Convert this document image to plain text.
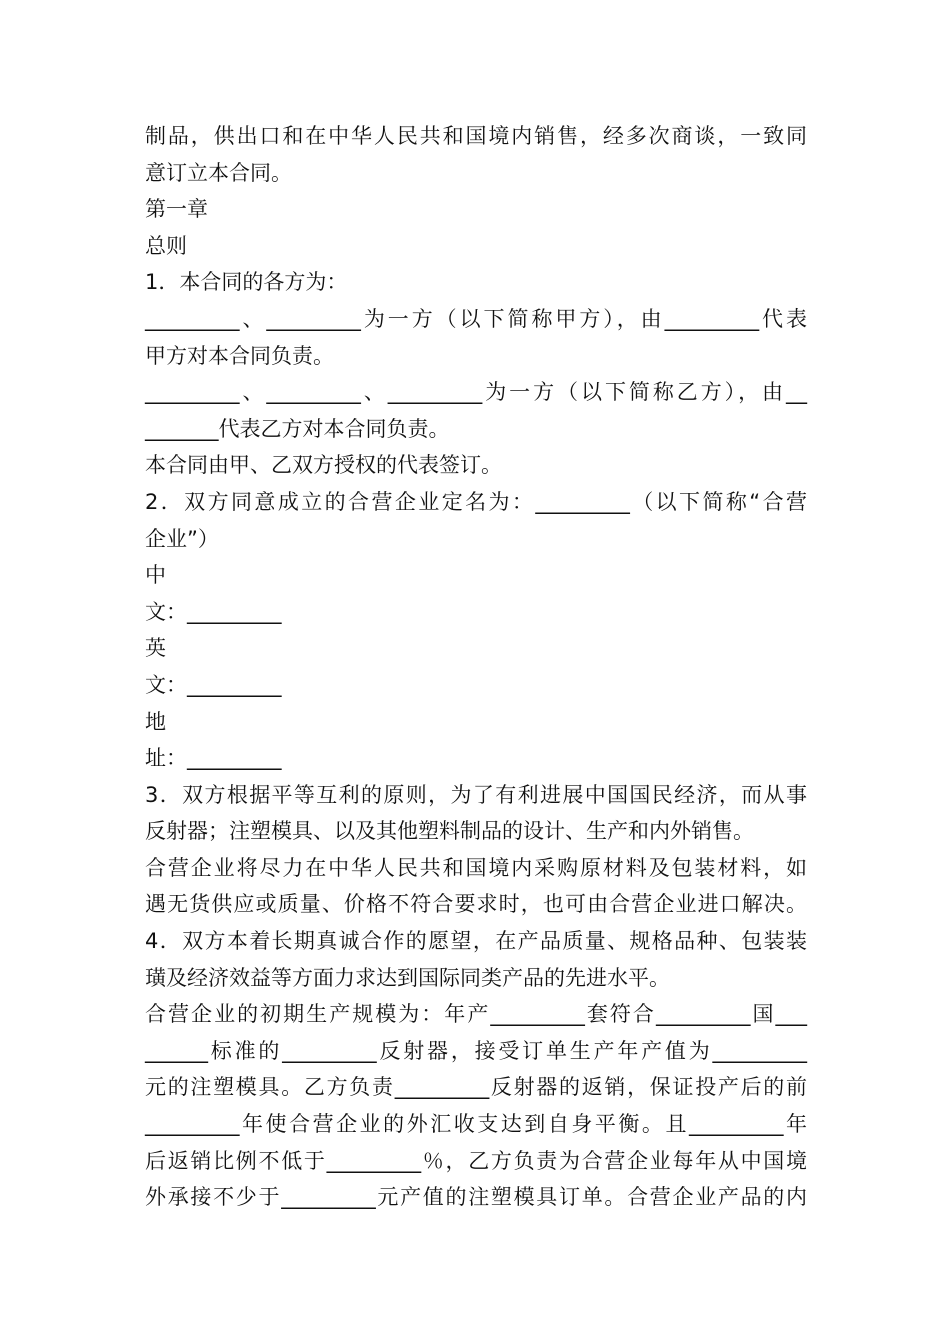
制品，供出口和在中华人民共和国境内销售，经多次商谈，一致同
意订立本合同。
第一章
总则
1．本合同的各方为：
_________、_________为一方（以下简称甲方），由_________代表
甲方对本合同负责。
_________、_________、_________为一方（以下简称乙方），由__
_______代表乙方对本合同负责。
本合同由甲、乙双方授权的代表签订。
2．双方同意成立的合营企业定名为：_________（以下简称“合营
企业”）
中
文：_________
英
文：_________
地
址：_________
3．双方根据平等互利的原则，为了有利进展中国国民经济，而从事
反射器；注塑模具、以及其他塑料制品的设计、生产和内外销售。
合营企业将尽力在中华人民共和国境内采购原材料及包装材料，如
遇无货供应或质量、价格不符合要求时，也可由合营企业进口解决。
4．双方本着长期真诚合作的愿望，在产品质量、规格品种、包装装
璜及经济效益等方面力求达到国际同类产品的先进水平。
合营企业的初期生产规模为：年产_________套符合_________国___
______标准的_________反射器，接受订单生产年产值为_________
元的注塑模具。乙方负责_________反射器的返销，保证投产后的前
_________年使合营企业的外汇收支达到自身平衡。且_________年
后返销比例不低于_________％，乙方负责为合营企业每年从中国境
外承接不少于_________元产值的注塑模具订单。合营企业产品的内
